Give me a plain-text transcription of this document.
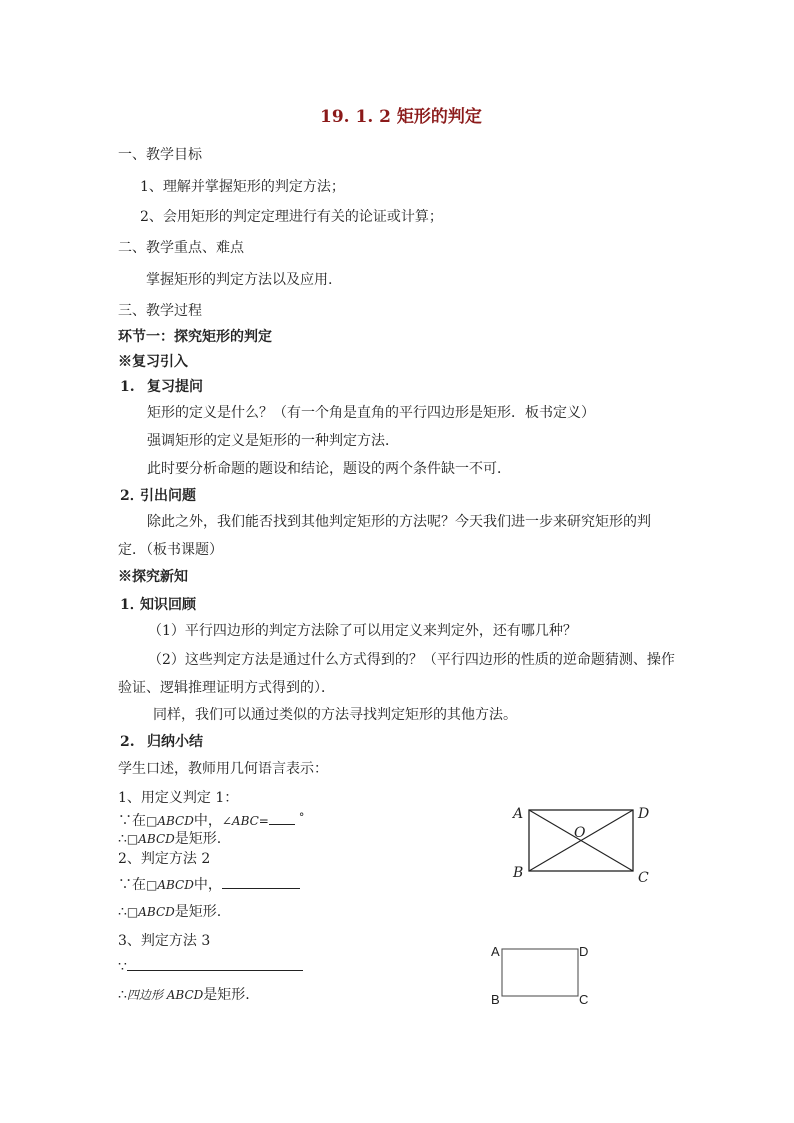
19. 1. 2 矩形的判定
一、教学目标
1、理解并掌握矩形的判定方法；
2、会用矩形的判定定理进行有关的论证或计算；
二、教学重点、难点
掌握矩形的判定方法以及应用.
三、教学过程
环节一：探究矩形的判定
※复习引入
1. 复习提问
矩形的定义是什么？（有一个角是直角的平行四边形是矩形．板书定义）
强调矩形的定义是矩形的一种判定方法．
此时要分析命题的题设和结论，题设的两个条件缺一不可．
2．
引出问题
除此之外，我们能否找到其他判定矩形的方法呢？今天我们进一步来研究矩形的判
定．（板书课题）
※探究新知
1．
知识回顾
（1）平行四边形的判定方法除了可以用定义来判定外，还有哪几种？
（2）这些判定方法是通过什么方式得到的？（平行四边形的性质的逆命题猜测、操作
验证、逻辑推理证明方式得到的）．
同样，我们可以通过类似的方法寻找判定矩形的其他方法。
2. 归纳小结
学生口述，教师用几何语言表示：
1、用定义判定 1：
∵在□ABCD中，∠ABC=	°
∴□ABCD是矩形.
2、判定方法 2
∵在□ABCD中，
∴□ABCD是矩形.
3、判定方法 3
∵
∴四边形 ABCD是矩形.
A	D
O
B	C
A	D
B	C
